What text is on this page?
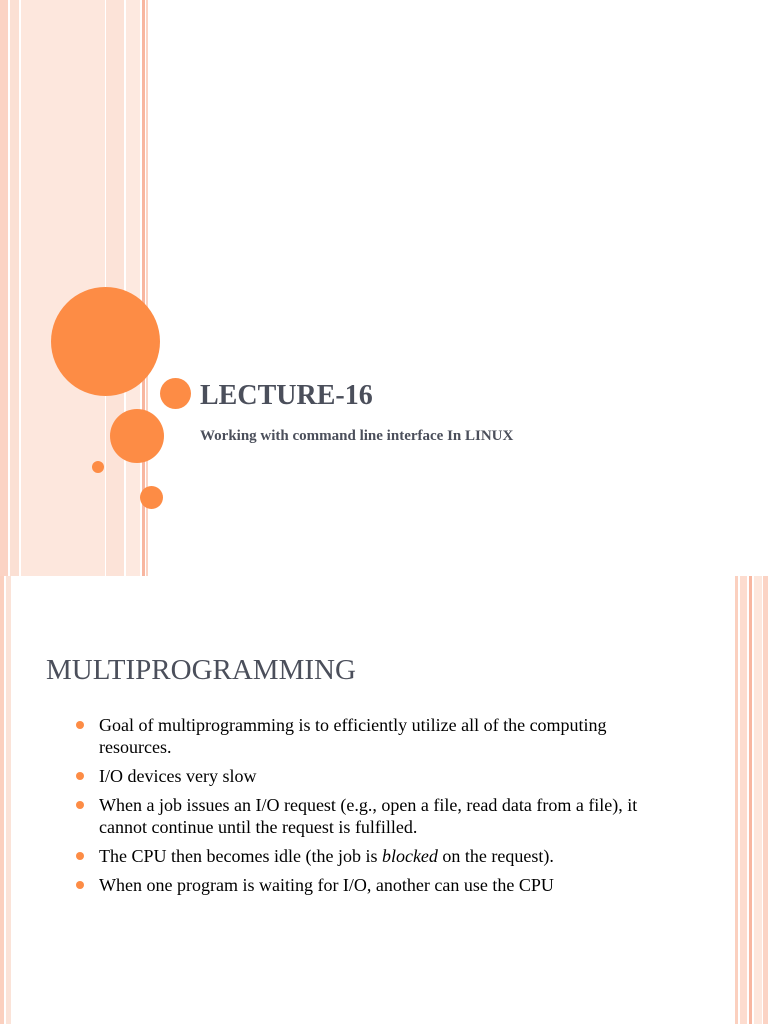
LECTURE-16
Working with command line interface In LINUX
MULTIPROGRAMMING
Goal of multiprogramming is to efficiently utilize all of the computing resources.
I/O devices very slow
When a job issues an I/O request (e.g., open a file, read data from a file), it cannot continue until the request is fulfilled.
The CPU then becomes idle (the job is blocked on the request).
When one program is waiting for I/O, another can use the CPU
